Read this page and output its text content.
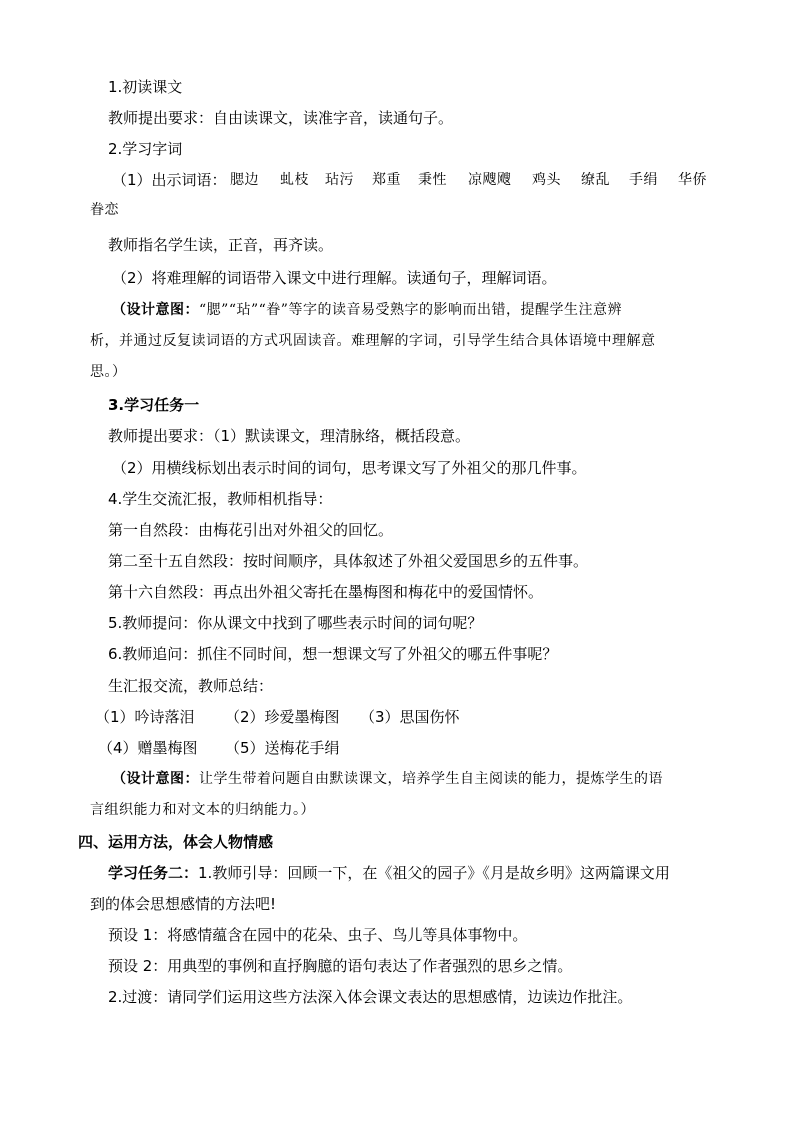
1.初读课文

教师提出要求：自由读课文，读准字音，读通句子。

2.学习字词

（1）出示词语： 腮边 虬枝 玷污 郑重 秉性 凉飕飕 鸡头 缭乱 手绢 华侨

眷恋

教师指名学生读，正音，再齐读。

（2）将难理解的词语带入课文中进行理解。读通句子，理解词语。

（设计意图：“腮”“玷”“眷”等字的读音易受熟字的影响而出错，提醒学生注意辨

析，并通过反复读词语的方式巩固读音。难理解的字词，引导学生结合具体语境中理解意

思。）

3.学习任务一

教师提出要求：（1）默读课文，理清脉络，概括段意。

（2）用横线标划出表示时间的词句，思考课文写了外祖父的那几件事。

4.学生交流汇报，教师相机指导：

第一自然段：由梅花引出对外祖父的回忆。

第二至十五自然段：按时间顺序，具体叙述了外祖父爱国思乡的五件事。

第十六自然段：再点出外祖父寄托在墨梅图和梅花中的爱国情怀。

5.教师提问：你从课文中找到了哪些表示时间的词句呢？

6.教师追问：抓住不同时间，想一想课文写了外祖父的哪五件事呢？

生汇报交流，教师总结：

（1）吟诗落泪 （2）珍爱墨梅图 （3）思国伤怀

（4）赠墨梅图 （5）送梅花手绢

（设计意图：让学生带着问题自由默读课文，培养学生自主阅读的能力，提炼学生的语

言组织能力和对文本的归纳能力。）

四、运用方法，体会人物情感

学习任务二：1.教师引导：回顾一下，在《祖父的园子》《月是故乡明》这两篇课文用

到的体会思想感情的方法吧!

预设 1：将感情蕴含在园中的花朵、虫子、鸟儿等具体事物中。

预设 2：用典型的事例和直抒胸臆的语句表达了作者强烈的思乡之情。

2.过渡：请同学们运用这些方法深入体会课文表达的思想感情，边读边作批注。
